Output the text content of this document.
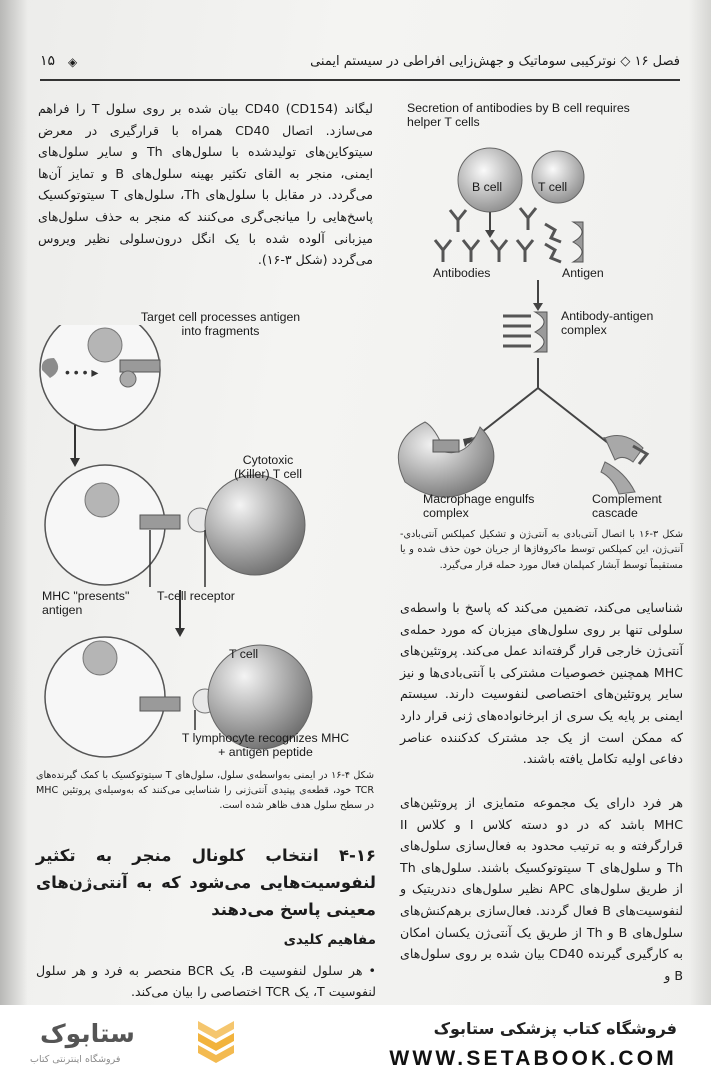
فصل ۱۶ ◇ نوترکیبی سوماتیک و جهش‌زایی افراطی در سیستم ایمنی
۱۵ ◈

لیگاند CD40 (CD154) بیان شده بر روی سلول T را فراهم می‌سازد. اتصال CD40 همراه با قرارگیری در معرض سیتوکاین‌های تولیدشده با سلول‌های Th و سایر سلول‌های ایمنی، منجر به القای تکثیر بهینه سلول‌های B و تمایز آن‌ها می‌گردد. در مقابل با سلول‌های Th، سلول‌های T سیتوتوکسیک پاسخ‌هایی را میانجی‌گری می‌کنند که منجر به حذف سلول‌های میزبانی آلوده شده با یک انگل درون‌سلولی نظیر ویروس می‌گردد (شکل ۳-۱۶).

Secretion of antibodies by B cell requires helper T cells
B cell	T cell
Antibodies	Antigen
Antibody-antigen complex
Macrophage engulfs complex
Complement cascade
شکل ۳-۱۶ با اتصال آنتی‌بادی به آنتی‌ژن و تشکیل کمپلکس آنتی‌بادی-آنتی‌ژن، این کمپلکس توسط ماکروفاژها از جریان خون حذف شده و یا مستقیماً توسط آبشار کمپلمان فعال مورد حمله قرار می‌گیرد.
• • • ▸
Target cell processes antigen into fragments
Cytotoxic (Killer) T cell
MHC "presents" antigen
T-cell receptor
T cell
T lymphocyte recognizes MHC + antigen peptide
شکل ۴-۱۶ در ایمنی به‌واسطه‌ی سلول، سلول‌های T سیتوتوکسیک با کمک گیرنده‌های TCR خود، قطعه‌ی پپتیدی آنتی‌ژنی را شناسایی می‌کنند که به‌وسیله‌ی پروتئین MHC در سطح سلول هدف ظاهر شده است.

شناسایی می‌کند، تضمین می‌کند که پاسخ با واسطه‌ی سلولی تنها بر روی سلول‌های میزبان که مورد حمله‌ی آنتی‌ژن خارجی قرار گرفته‌اند عمل می‌کند. پروتئین‌های MHC همچنین خصوصیات مشترکی با آنتی‌بادی‌ها و نیز سایر پروتئین‌های اختصاصی لنفوسیت دارند. سیستم ایمنی بر پایه یک سری از ابرخانواده‌های ژنی قرار دارد که ممکن است از یک جد مشترک کدکننده عناصر دفاعی اولیه تکامل یافته باشند.

هر فرد دارای یک مجموعه متمایزی از پروتئین‌های MHC باشد که در دو دسته کلاس I و کلاس II قرارگرفته و به ترتیب محدود به فعال‌سازی سلول‌های Th و سلول‌های T سیتوتوکسیک باشند. سلول‌های Th از طریق سلول‌های APC نظیر سلول‌های دندریتیک و لنفوسیت‌های B فعال گردند. فعال‌سازی برهم‌کنش‌های سلول‌های B و Th از طریق یک آنتی‌ژن یکسان امکان به کارگیری گیرنده CD40 بیان شده بر روی سلول‌های B و

۴-۱۶ انتخاب کلونال منجر به تکثیر لنفوسیت‌هایی می‌شود که به آنتی‌ژن‌های معینی پاسخ می‌دهند
مفاهیم کلیدی

• هر سلول لنفوسیت B، یک BCR منحصر به فرد و هر سلول لنفوسیت T، یک TCR اختصاصی را بیان می‌کند.

ستابوک
فروشگاه اینترنتی کتاب
فروشگاه کتاب پزشکی ستابوک
WWW.SETABOOK.COM
